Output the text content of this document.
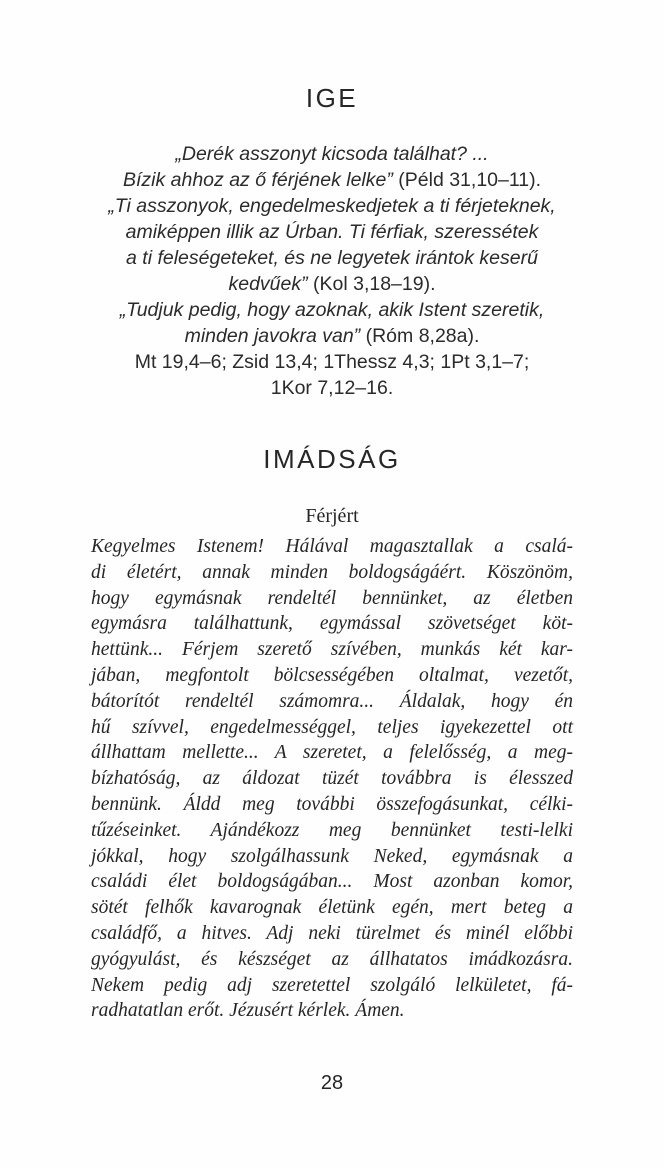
IGE
„Derék asszonyt kicsoda találhat? ...
Bízik ahhoz az ő férjének lelke” (Péld 31,10–11).
„Ti asszonyok, engedelmeskedjetek a ti férjeteknek,
amiképpen illik az Úrban. Ti férfiak, szeressétek
a ti feleségeteket, és ne legyetek irántok keserű
kedvűek” (Kol 3,18–19).
„Tudjuk pedig, hogy azoknak, akik Istent szeretik,
minden javokra van” (Róm 8,28a).
Mt 19,4–6; Zsid 13,4; 1Thessz 4,3; 1Pt 3,1–7;
1Kor 7,12–16.
IMÁDSÁG
Férjért
Kegyelmes Istenem! Hálával magasztallak a csalá-
di életért, annak minden boldogságáért. Köszönöm,
hogy egymásnak rendeltél bennünket, az életben
egymásra találhattunk, egymással szövetséget köt-
hettünk... Férjem szerető szívében, munkás két kar-
jában, megfontolt bölcsességében oltalmat, vezetőt,
bátorítót rendeltél számomra... Áldalak, hogy én
hű szívvel, engedelmességgel, teljes igyekezettel ott
állhattam mellette... A szeretet, a felelősség, a meg-
bízhatóság, az áldozat tüzét továbbra is élesszed
bennünk. Áldd meg további összefogásunkat, célki-
tűzéseinket. Ajándékozz meg bennünket testi-lelki
jókkal, hogy szolgálhassunk Neked, egymásnak a
családi élet boldogságában... Most azonban komor,
sötét felhők kavarognak életünk egén, mert beteg a
családfő, a hitves. Adj neki türelmet és minél előbbi
gyógyulást, és készséget az állhatatos imádkozásra.
Nekem pedig adj szeretettel szolgáló lelkületet, fá-
radhatatlan erőt. Jézusért kérlek. Ámen.
28
